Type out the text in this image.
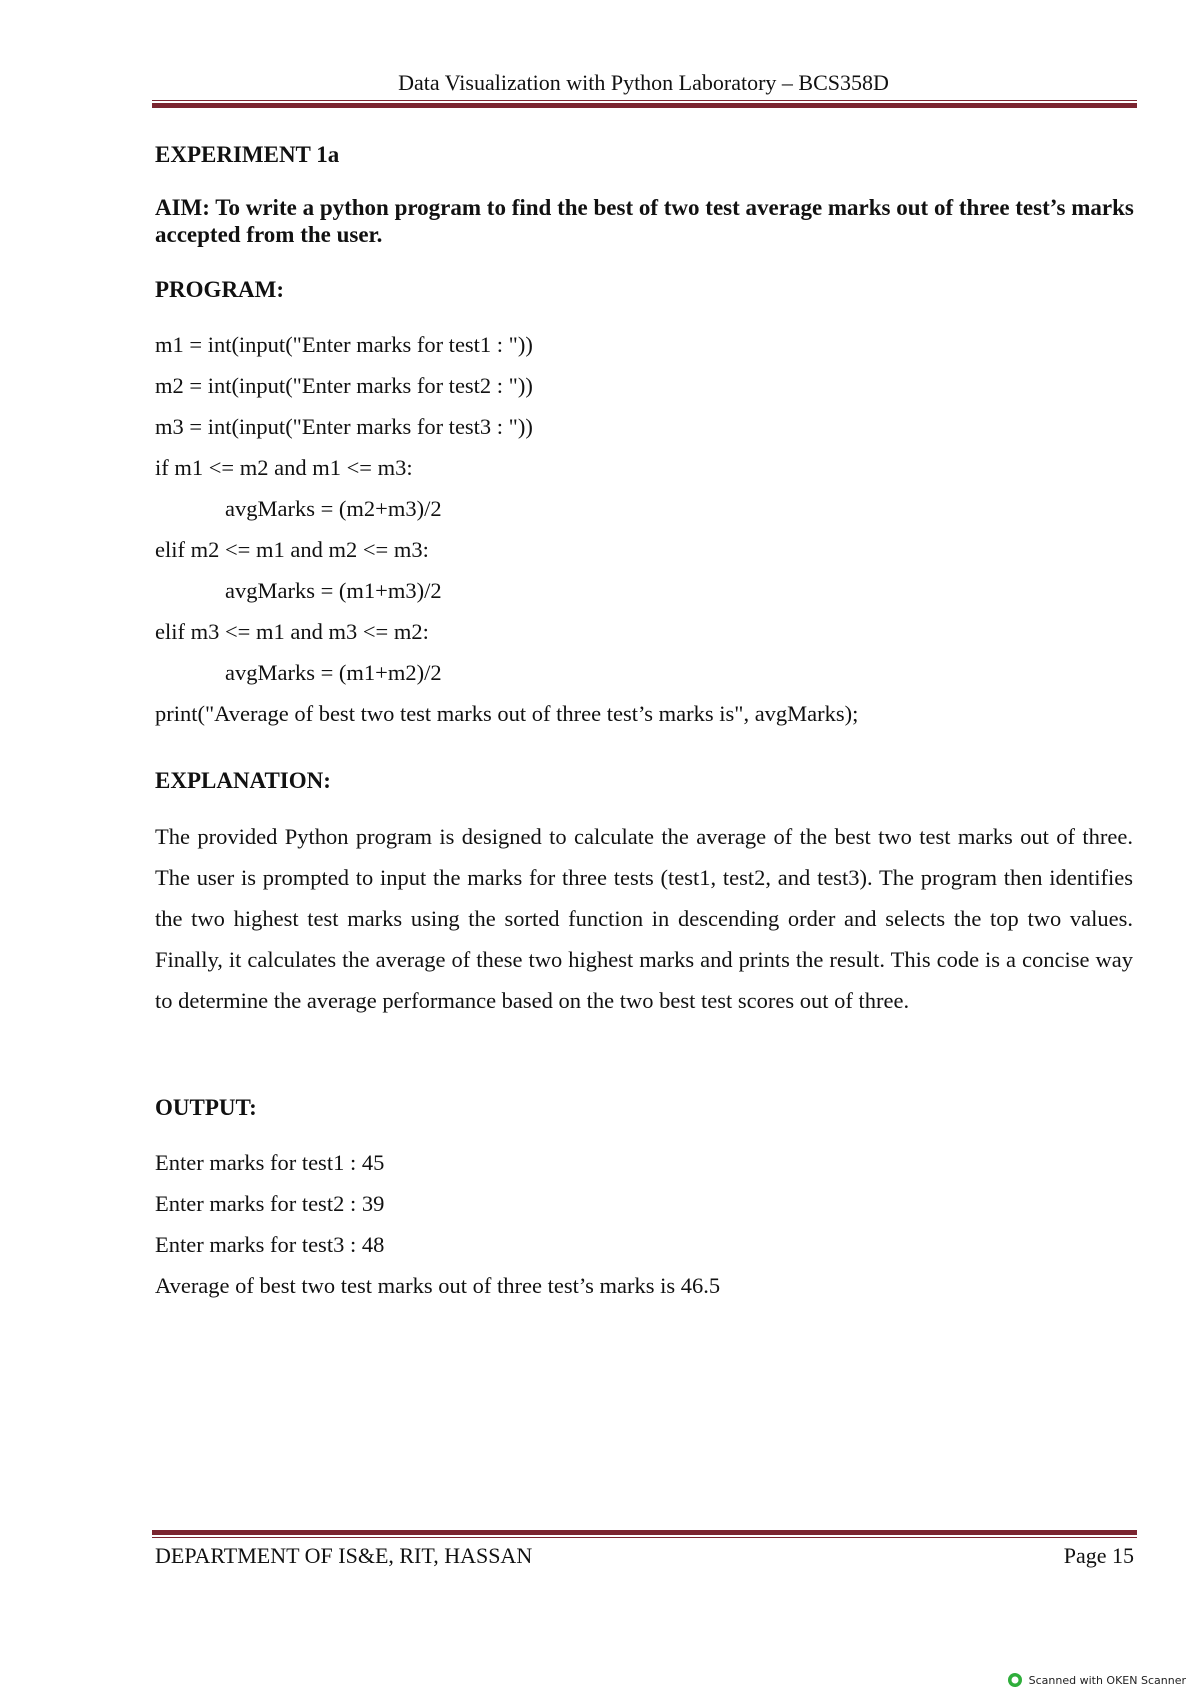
Data Visualization with Python Laboratory – BCS358D
EXPERIMENT 1a
AIM: To write a python program to find the best of two test average marks out of three test’s marks accepted from the user.
PROGRAM:
m1 = int(input("Enter marks for test1 : "))
m2 = int(input("Enter marks for test2 : "))
m3 = int(input("Enter marks for test3 : "))
if m1 <= m2 and m1 <= m3:
avgMarks = (m2+m3)/2
elif m2 <= m1 and m2 <= m3:
avgMarks = (m1+m3)/2
elif m3 <= m1 and m3 <= m2:
avgMarks = (m1+m2)/2
print("Average of best two test marks out of three test’s marks is", avgMarks);
EXPLANATION:
The provided Python program is designed to calculate the average of the best two test marks out of three. The user is prompted to input the marks for three tests (test1, test2, and test3). The program then identifies the two highest test marks using the sorted function in descending order and selects the top two values. Finally, it calculates the average of these two highest marks and prints the result. This code is a concise way to determine the average performance based on the two best test scores out of three.
OUTPUT:
Enter marks for test1 : 45
Enter marks for test2 : 39
Enter marks for test3 : 48
Average of best two test marks out of three test’s marks is 46.5
DEPARTMENT OF IS&E, RIT, HASSAN	Page 15
Scanned with OKEN Scanner
